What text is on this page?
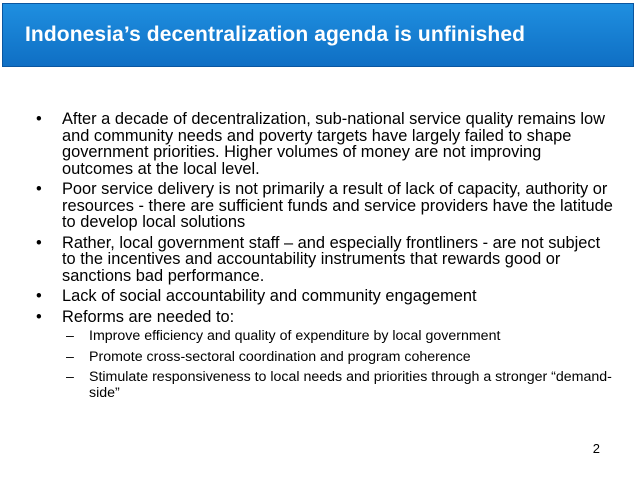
Indonesia’s decentralization agenda is unfinished
• After a decade of decentralization, sub-national service quality remains low and community needs and poverty targets have largely failed to shape government priorities. Higher volumes of money are not improving outcomes at the local level.
• Poor service delivery is not primarily a result of lack of capacity, authority or resources - there are sufficient funds and service providers have the latitude to develop local solutions
• Rather, local government staff – and especially frontliners - are not subject to the incentives and accountability instruments that rewards good or sanctions bad performance.
• Lack of social accountability and community engagement
• Reforms are needed to:
– Improve efficiency and quality of expenditure by local government
– Promote cross-sectoral coordination and program coherence
– Stimulate responsiveness to local needs and priorities through a stronger “demand-side”
2
